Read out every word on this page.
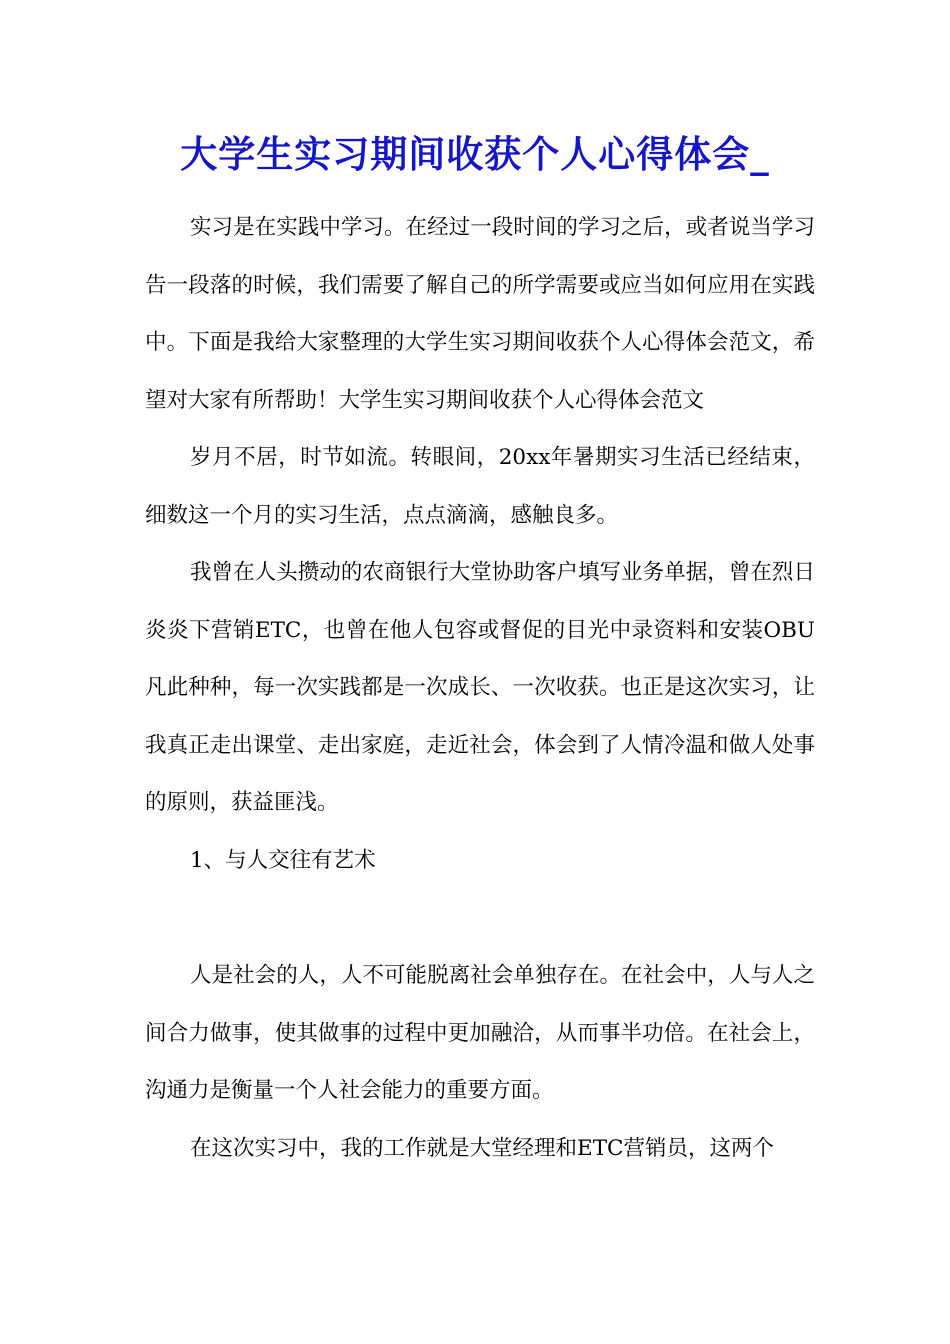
大学生实习期间收获个人心得体会_

实习是在实践中学习。在经过一段时间的学习之后，或者说当学习告一段落的时候，我们需要了解自己的所学需要或应当如何应用在实践中。下面是我给大家整理的大学生实习期间收获个人心得体会范文，希望对大家有所帮助！大学生实习期间收获个人心得体会范文

岁月不居，时节如流。转眼间，20xx年暑期实习生活已经结束，细数这一个月的实习生活，点点滴滴，感触良多。

我曾在人头攒动的农商银行大堂协助客户填写业务单据，曾在烈日炎炎下营销ETC，也曾在他人包容或督促的目光中录资料和安装OBU凡此种种，每一次实践都是一次成长、一次收获。也正是这次实习，让我真正走出课堂、走出家庭，走近社会，体会到了人情冷温和做人处事的原则，获益匪浅。

1、与人交往有艺术

人是社会的人，人不可能脱离社会单独存在。在社会中，人与人之间合力做事，使其做事的过程中更加融洽，从而事半功倍。在社会上，沟通力是衡量一个人社会能力的重要方面。

在这次实习中，我的工作就是大堂经理和ETC营销员，这两个
